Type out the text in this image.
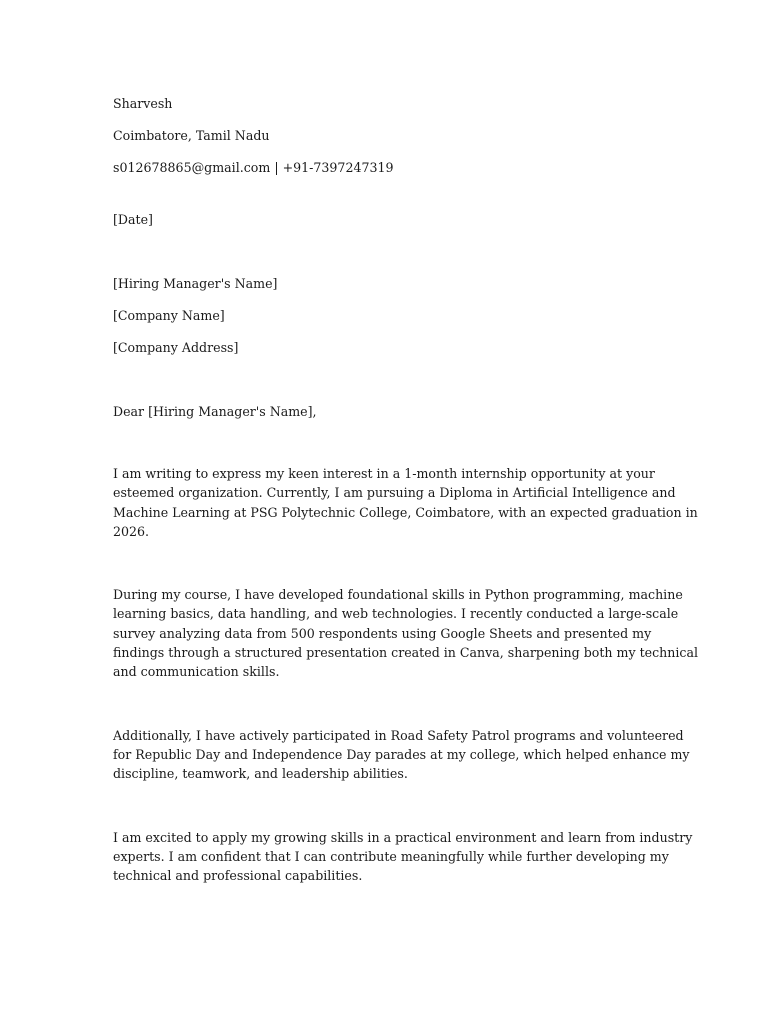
Sharvesh

Coimbatore, Tamil Nadu

s012678865@gmail.com | +91-7397247319

[Date]

[Hiring Manager's Name]

[Company Name]

[Company Address]

Dear [Hiring Manager's Name],

I am writing to express my keen interest in a 1-month internship opportunity at your

esteemed organization. Currently, I am pursuing a Diploma in Artificial Intelligence and

Machine Learning at PSG Polytechnic College, Coimbatore, with an expected graduation in

2026.

During my course, I have developed foundational skills in Python programming, machine

learning basics, data handling, and web technologies. I recently conducted a large-scale

survey analyzing data from 500 respondents using Google Sheets and presented my

findings through a structured presentation created in Canva, sharpening both my technical

and communication skills.

Additionally, I have actively participated in Road Safety Patrol programs and volunteered

for Republic Day and Independence Day parades at my college, which helped enhance my

discipline, teamwork, and leadership abilities.

I am excited to apply my growing skills in a practical environment and learn from industry

experts. I am confident that I can contribute meaningfully while further developing my

technical and professional capabilities.
